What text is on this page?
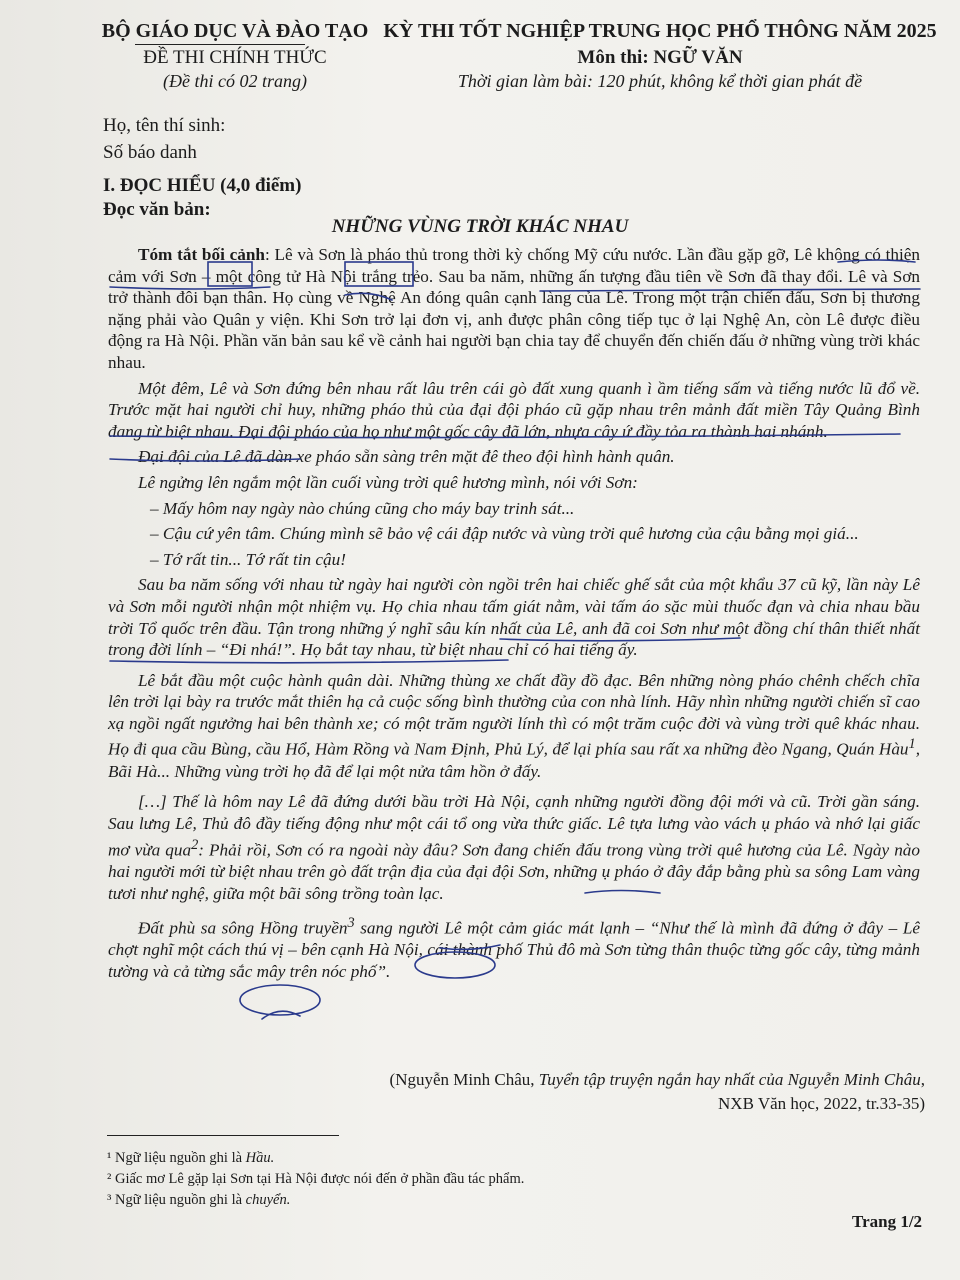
BỘ GIÁO DỤC VÀ ĐÀO TẠO
ĐỀ THI CHÍNH THỨC
(Đề thi có 02 trang)
KỲ THI TỐT NGHIỆP TRUNG HỌC PHỔ THÔNG NĂM 2025
Môn thi: NGỮ VĂN
Thời gian làm bài: 120 phút, không kể thời gian phát đề
Họ, tên thí sinh:
Số báo danh
I. ĐỌC HIỂU (4,0 điểm)
Đọc văn bản:
NHỮNG VÙNG TRỜI KHÁC NHAU

Tóm tắt bối cảnh: Lê và Sơn là pháo thủ trong thời kỳ chống Mỹ cứu nước. Lần đầu gặp gỡ, Lê không có thiện cảm với Sơn – một công tử Hà Nội trắng trẻo. Sau ba năm, những ấn tượng đầu tiên về Sơn đã thay đổi. Lê và Sơn trở thành đôi bạn thân. Họ cùng về Nghệ An đóng quân cạnh làng của Lê. Trong một trận chiến đấu, Sơn bị thương nặng phải vào Quân y viện. Khi Sơn trở lại đơn vị, anh được phân công tiếp tục ở lại Nghệ An, còn Lê được điều động ra Hà Nội. Phần văn bản sau kể về cảnh hai người bạn chia tay để chuyển đến chiến đấu ở những vùng trời khác nhau.

Một đêm, Lê và Sơn đứng bên nhau rất lâu trên cái gò đất xung quanh ì ầm tiếng sấm và tiếng nước lũ đổ về. Trước mặt hai người chỉ huy, những pháo thủ của đại đội pháo cũ gặp nhau trên mảnh đất miền Tây Quảng Bình đang từ biệt nhau. Đại đội pháo của họ như một gốc cây đã lớn, nhựa cây ứ đầy tỏa ra thành hai nhánh.

Đại đội của Lê đã dàn xe pháo sẵn sàng trên mặt đê theo đội hình hành quân.

Lê ngửng lên ngắm một lần cuối vùng trời quê hương mình, nói với Sơn:

– Mấy hôm nay ngày nào chúng cũng cho máy bay trinh sát...

– Cậu cứ yên tâm. Chúng mình sẽ bảo vệ cái đập nước và vùng trời quê hương của cậu bằng mọi giá...

– Tớ rất tin... Tớ rất tin cậu!

Sau ba năm sống với nhau từ ngày hai người còn ngồi trên hai chiếc ghế sắt của một khẩu 37 cũ kỹ, lần này Lê và Sơn mỗi người nhận một nhiệm vụ. Họ chia nhau tấm giát nằm, vài tấm áo sặc mùi thuốc đạn và chia nhau bầu trời Tổ quốc trên đầu. Tận trong những ý nghĩ sâu kín nhất của Lê, anh đã coi Sơn như một đồng chí thân thiết nhất trong đời lính – “Đi nhá!”. Họ bắt tay nhau, từ biệt nhau chỉ có hai tiếng ấy.

Lê bắt đầu một cuộc hành quân dài. Những thùng xe chất đầy đồ đạc. Bên những nòng pháo chênh chếch chĩa lên trời lại bày ra trước mắt thiên hạ cả cuộc sống bình thường của con nhà lính. Hãy nhìn những người chiến sĩ cao xạ ngồi ngất ngưởng hai bên thành xe; có một trăm người lính thì có một trăm cuộc đời và vùng trời quê khác nhau. Họ đi qua cầu Bùng, cầu Hổ, Hàm Rồng và Nam Định, Phủ Lý, để lại phía sau rất xa những đèo Ngang, Quán Hàu$^1$, Bãi Hà... Những vùng trời họ đã để lại một nửa tâm hồn ở đấy.

[…] Thế là hôm nay Lê đã đứng dưới bầu trời Hà Nội, cạnh những người đồng đội mới và cũ. Trời gần sáng. Sau lưng Lê, Thủ đô đầy tiếng động như một cái tổ ong vừa thức giấc. Lê tựa lưng vào vách ụ pháo và nhớ lại giấc mơ vừa qua$^2$: Phải rồi, Sơn có ra ngoài này đâu? Sơn đang chiến đấu trong vùng trời quê hương của Lê. Ngày nào hai người mới từ biệt nhau trên gò đất trận địa của đại đội Sơn, những ụ pháo ở đây đắp bằng phù sa sông Lam vàng tươi như nghệ, giữa một bãi sông trồng toàn lạc.

Đất phù sa sông Hồng truyền$^3$ sang người Lê một cảm giác mát lạnh – “Như thế là mình đã đứng ở đây – Lê chợt nghĩ một cách thú vị – bên cạnh Hà Nội, cái thành phố Thủ đô mà Sơn từng thân thuộc từng gốc cây, từng mảnh tường và cả từng sắc mây trên nóc phố”.

(Nguyễn Minh Châu, Tuyển tập truyện ngắn hay nhất của Nguyễn Minh Châu,
NXB Văn học, 2022, tr.33-35)
¹ Ngữ liệu nguồn ghi là Hầu.
² Giấc mơ Lê gặp lại Sơn tại Hà Nội được nói đến ở phần đầu tác phẩm.
³ Ngữ liệu nguồn ghi là chuyển.
Trang 1/2
